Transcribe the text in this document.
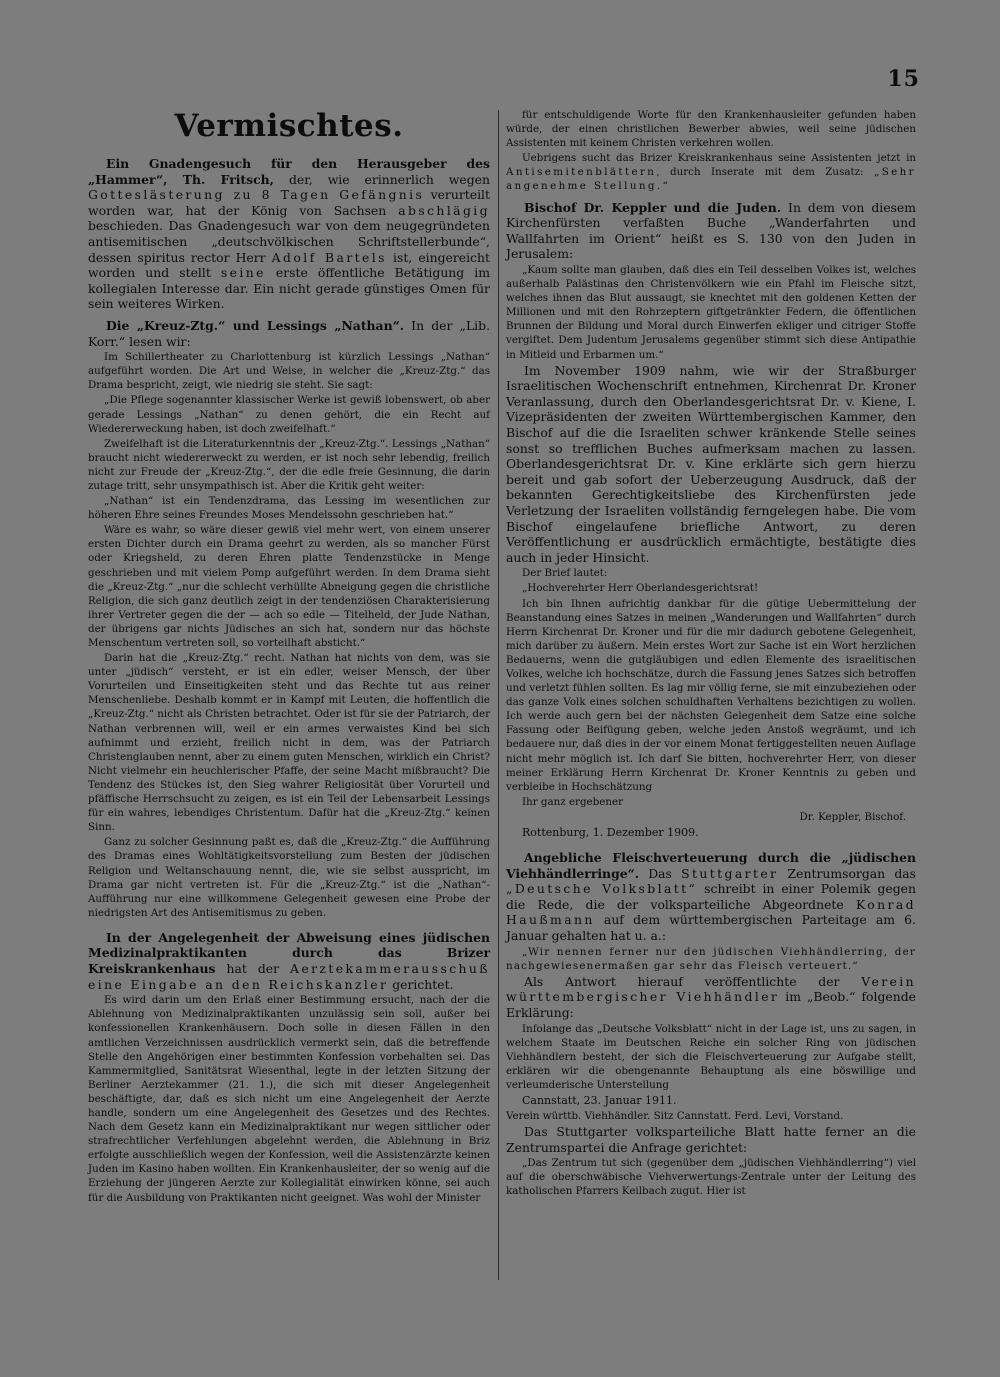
15
Vermischtes.

Ein Gnadengesuch für den Herausgeber des „Hammer“, Th. Fritsch, der, wie erinnerlich wegen Gotteslästerung zu 8 Tagen Gefängnis verurteilt worden war, hat der König von Sachsen abschlägig beschieden. Das Gnadengesuch war von dem neugegründeten antisemitischen „deutschvölkischen Schriftstellerbunde“, dessen spiritus rector Herr Adolf Bartels ist, eingereicht worden und stellt seine erste öffentliche Betätigung im kollegialen Interesse dar. Ein nicht gerade günstiges Omen für sein weiteres Wirken.

Die „Kreuz-Ztg.“ und Lessings „Nathan“. In der „Lib. Korr.“ lesen wir:

Im Schillertheater zu Charlottenburg ist kürzlich Lessings „Nathan“ aufgeführt worden. Die Art und Weise, in welcher die „Kreuz-Ztg.“ das Drama bespricht, zeigt, wie niedrig sie steht. Sie sagt:

„Die Pflege sogenannter klassischer Werke ist gewiß lobenswert, ob aber gerade Lessings „Nathan“ zu denen gehört, die ein Recht auf Wiedererweckung haben, ist doch zweifelhaft.“

Zweifelhaft ist die Literaturkenntnis der „Kreuz-Ztg.“. Lessings „Nathan“ braucht nicht wiedererweckt zu werden, er ist noch sehr lebendig, freilich nicht zur Freude der „Kreuz-Ztg.“, der die edle freie Gesinnung, die darin zutage tritt, sehr unsympathisch ist. Aber die Kritik geht weiter:

„Nathan“ ist ein Tendenzdrama, das Lessing im wesentlichen zur höheren Ehre seines Freundes Moses Mendelssohn geschrieben hat.“

Wäre es wahr, so wäre dieser gewiß viel mehr wert, von einem unserer ersten Dichter durch ein Drama geehrt zu werden, als so mancher Fürst oder Kriegsheld, zu deren Ehren platte Tendenzstücke in Menge geschrieben und mit vielem Pomp aufgeführt werden. In dem Drama sieht die „Kreuz-Ztg.“ „nur die schlecht verhüllte Abneigung gegen die christliche Religion, die sich ganz deutlich zeigt in der tendenziösen Charakterisierung ihrer Vertreter gegen die der — ach so edle — Titelheld, der Jude Nathan, der übrigens gar nichts Jüdisches an sich hat, sondern nur das höchste Menschentum vertreten soll, so vorteilhaft absticht.“

Darin hat die „Kreuz-Ztg.“ recht. Nathan hat nichts von dem, was sie unter „jüdisch“ versteht, er ist ein edler, weiser Mensch, der über Vorurteilen und Einseitigkeiten steht und das Rechte tut aus reiner Menschenliebe. Deshalb kommt er in Kampf mit Leuten, die hoffentlich die „Kreuz-Ztg.“ nicht als Christen betrachtet. Oder ist für sie der Patriarch, der Nathan verbrennen will, weil er ein armes verwaistes Kind bei sich aufnimmt und erzieht, freilich nicht in dem, was der Patriarch Christenglauben nennt, aber zu einem guten Menschen, wirklich ein Christ? Nicht vielmehr ein heuchlerischer Pfaffe, der seine Macht mißbraucht? Die Tendenz des Stückes ist, den Sieg wahrer Religiosität über Vorurteil und pfäffische Herrschsucht zu zeigen, es ist ein Teil der Lebensarbeit Lessings für ein wahres, lebendiges Christentum. Dafür hat die „Kreuz-Ztg.“ keinen Sinn.

Ganz zu solcher Gesinnung paßt es, daß die „Kreuz-Ztg.“ die Aufführung des Dramas eines Wohltätigkeitsvorstellung zum Besten der jüdischen Religion und Weltanschauung nennt, die, wie sie selbst ausspricht, im Drama gar nicht vertreten ist. Für die „Kreuz-Ztg.“ ist die „Nathan“-Aufführung nur eine willkommene Gelegenheit gewesen eine Probe der niedrigsten Art des Antisemitismus zu geben.

In der Angelegenheit der Abweisung eines jüdischen Medizinalpraktikanten durch das Brizer Kreiskrankenhaus hat der Aerztekammerausschuß eine Eingabe an den Reichskanzler gerichtet.

Es wird darin um den Erlaß einer Bestimmung ersucht, nach der die Ablehnung von Medizinalpraktikanten unzulässig sein soll, außer bei konfessionellen Krankenhäusern. Doch solle in diesen Fällen in den amtlichen Verzeichnissen ausdrücklich vermerkt sein, daß die betreffende Stelle den Angehörigen einer bestimmten Konfession vorbehalten sei. Das Kammermitglied, Sanitätsrat Wiesenthal, legte in der letzten Sitzung der Berliner Aerztekammer (21. 1.), die sich mit dieser Angelegenheit beschäftigte, dar, daß es sich nicht um eine Angelegenheit der Aerzte handle, sondern um eine Angelegenheit des Gesetzes und des Rechtes. Nach dem Gesetz kann ein Medizinalpraktikant nur wegen sittlicher oder strafrechtlicher Verfehlungen abgelehnt werden, die Ablehnung in Briz erfolgte ausschließlich wegen der Konfession, weil die Assistenzärzte keinen Juden im Kasino haben wollten. Ein Krankenhausleiter, der so wenig auf die Erziehung der jüngeren Aerzte zur Kollegialität einwirken könne, sei auch für die Ausbildung von Praktikanten nicht geeignet. Was wohl der Minister

für entschuldigende Worte für den Krankenhausleiter gefunden haben würde, der einen christlichen Bewerber abwies, weil seine jüdischen Assistenten mit keinem Christen verkehren wollen.

Uebrigens sucht das Brizer Kreiskrankenhaus seine Assistenten jetzt in Antisemitenblättern, durch Inserate mit dem Zusatz: „Sehr angenehme Stellung.“

Bischof Dr. Keppler und die Juden. In dem von diesem Kirchenfürsten verfaßten Buche „Wanderfahrten und Wallfahrten im Orient“ heißt es S. 130 von den Juden in Jerusalem:

„Kaum sollte man glauben, daß dies ein Teil desselben Volkes ist, welches außerhalb Palästinas den Christenvölkern wie ein Pfahl im Fleische sitzt, welches ihnen das Blut aussaugt, sie knechtet mit den goldenen Ketten der Millionen und mit den Rohrzeptern giftgetränkter Federn, die öffentlichen Brunnen der Bildung und Moral durch Einwerfen ekliger und citriger Stoffe vergiftet. Dem Judentum Jerusalems gegenüber stimmt sich diese Antipathie in Mitleid und Erbarmen um.“

Im November 1909 nahm, wie wir der Straßburger Israelitischen Wochenschrift entnehmen, Kirchenrat Dr. Kroner Veranlassung, durch den Oberlandesgerichtsrat Dr. v. Kiene, I. Vizepräsidenten der zweiten Württembergischen Kammer, den Bischof auf die die Israeliten schwer kränkende Stelle seines sonst so trefflichen Buches aufmerksam machen zu lassen. Oberlandesgerichtsrat Dr. v. Kine erklärte sich gern hierzu bereit und gab sofort der Ueberzeugung Ausdruck, daß der bekannten Gerechtigkeitsliebe des Kirchenfürsten jede Verletzung der Israeliten vollständig ferngelegen habe. Die vom Bischof eingelaufene briefliche Antwort, zu deren Veröffentlichung er ausdrücklich ermächtigte, bestätigte dies auch in jeder Hinsicht.

Der Brief lautet:

„Hochverehrter Herr Oberlandesgerichtsrat!

Ich bin Ihnen aufrichtig dankbar für die gütige Uebermittelung der Beanstandung eines Satzes in meinen „Wanderungen und Wallfahrten“ durch Herrn Kirchenrat Dr. Kroner und für die mir dadurch gebotene Gelegenheit, mich darüber zu äußern. Mein erstes Wort zur Sache ist ein Wort herzlichen Bedauerns, wenn die gutgläubigen und edlen Elemente des israelitischen Volkes, welche ich hochschätze, durch die Fassung jenes Satzes sich betroffen und verletzt fühlen sollten. Es lag mir völlig ferne, sie mit einzubeziehen oder das ganze Volk eines solchen schuldhaften Verhaltens bezichtigen zu wollen. Ich werde auch gern bei der nächsten Gelegenheit dem Satze eine solche Fassung oder Beifügung geben, welche jeden Anstoß wegräumt, und ich bedauere nur, daß dies in der vor einem Monat fertiggestellten neuen Auflage nicht mehr möglich ist. Ich darf Sie bitten, hochverehrter Herr, von dieser meiner Erklärung Herrn Kirchenrat Dr. Kroner Kenntnis zu geben und verbleibe in Hochschätzung

Ihr ganz ergebener

Dr. Keppler, Bischof.

Rottenburg, 1. Dezember 1909.

Angebliche Fleischverteuerung durch die „jüdischen Viehhändlerringe“. Das Stuttgarter Zentrumsorgan das „Deutsche Volksblatt“ schreibt in einer Polemik gegen die Rede, die der volksparteiliche Abgeordnete Konrad Haußmann auf dem württembergischen Parteitage am 6. Januar gehalten hat u. a.:

„Wir nennen ferner nur den jüdischen Viehhändlerring, der nachgewiesenermaßen gar sehr das Fleisch verteuert.“

Als Antwort hierauf veröffentlichte der Verein württembergischer Viehhändler im „Beob.“ folgende Erklärung:

Infolange das „Deutsche Volksblatt“ nicht in der Lage ist, uns zu sagen, in welchem Staate im Deutschen Reiche ein solcher Ring von jüdischen Viehhändlern besteht, der sich die Fleischverteuerung zur Aufgabe stellt, erklären wir die obengenannte Behauptung als eine böswillige und verleumderische Unterstellung

Cannstatt, 23. Januar 1911.

Verein württb. Viehhändler. Sitz Cannstatt. Ferd. Levi, Vorstand.

Das Stuttgarter volksparteiliche Blatt hatte ferner an die Zentrumspartei die Anfrage gerichtet:

„Das Zentrum tut sich (gegenüber dem „jüdischen Viehhändlerring“) viel auf die oberschwäbische Viehverwertungs-Zentrale unter der Leitung des katholischen Pfarrers Keilbach zugut. Hier ist
